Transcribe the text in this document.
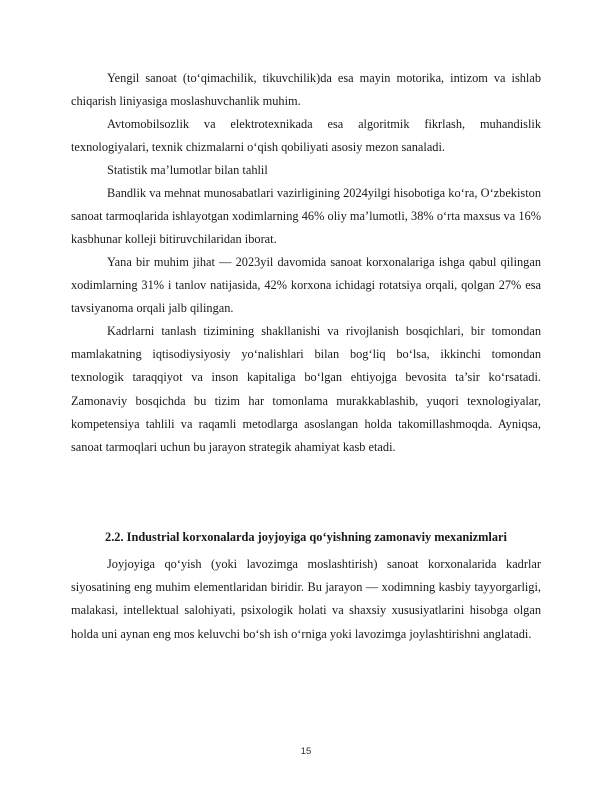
Yengil sanoat (to‘qimachilik, tikuvchilik)da esa mayin motorika, intizom va ishlab chiqarish liniyasiga moslashuvchanlik muhim.

Avtomobilsozlik va elektrotexnikada esa algoritmik fikrlash, muhandislik texnologiyalari, texnik chizmalarni o‘qish qobiliyati asosiy mezon sanaladi.

Statistik ma’lumotlar bilan tahlil

Bandlik va mehnat munosabatlari vazirligining 2024yilgi hisobotiga ko‘ra, O‘zbekiston sanoat tarmoqlarida ishlayotgan xodimlarning 46% oliy ma’lumotli, 38% o‘rta maxsus va 16% kasbhunar kolleji bitiruvchilaridan iborat.

Yana bir muhim jihat — 2023yil davomida sanoat korxonalariga ishga qabul qilingan xodimlarning 31% i tanlov natijasida, 42% korxona ichidagi rotatsiya orqali, qolgan 27% esa tavsiyanoma orqali jalb qilingan.

Kadrlarni tanlash tizimining shakllanishi va rivojlanish bosqichlari, bir tomondan mamlakatning iqtisodiysiyosiy yo‘nalishlari bilan bog‘liq bo‘lsa, ikkinchi tomondan texnologik taraqqiyot va inson kapitaliga bo‘lgan ehtiyojga bevosita ta’sir ko‘rsatadi. Zamonaviy bosqichda bu tizim har tomonlama murakkablashib, yuqori texnologiyalar, kompetensiya tahlili va raqamli metodlarga asoslangan holda takomillashmoqda. Ayniqsa, sanoat tarmoqlari uchun bu jarayon strategik ahamiyat kasb etadi.

2.2. Industrial korxonalarda joyjoyiga qo‘yishning zamonaviy mexanizmlari

Joyjoyiga qo‘yish (yoki lavozimga moslashtirish) sanoat korxonalarida kadrlar siyosatining eng muhim elementlaridan biridir. Bu jarayon — xodimning kasbiy tayyorgarligi, malakasi, intellektual salohiyati, psixologik holati va shaxsiy xususiyatlarini hisobga olgan holda uni aynan eng mos keluvchi bo‘sh ish o‘rniga yoki lavozimga joylashtirishni anglatadi.

15
